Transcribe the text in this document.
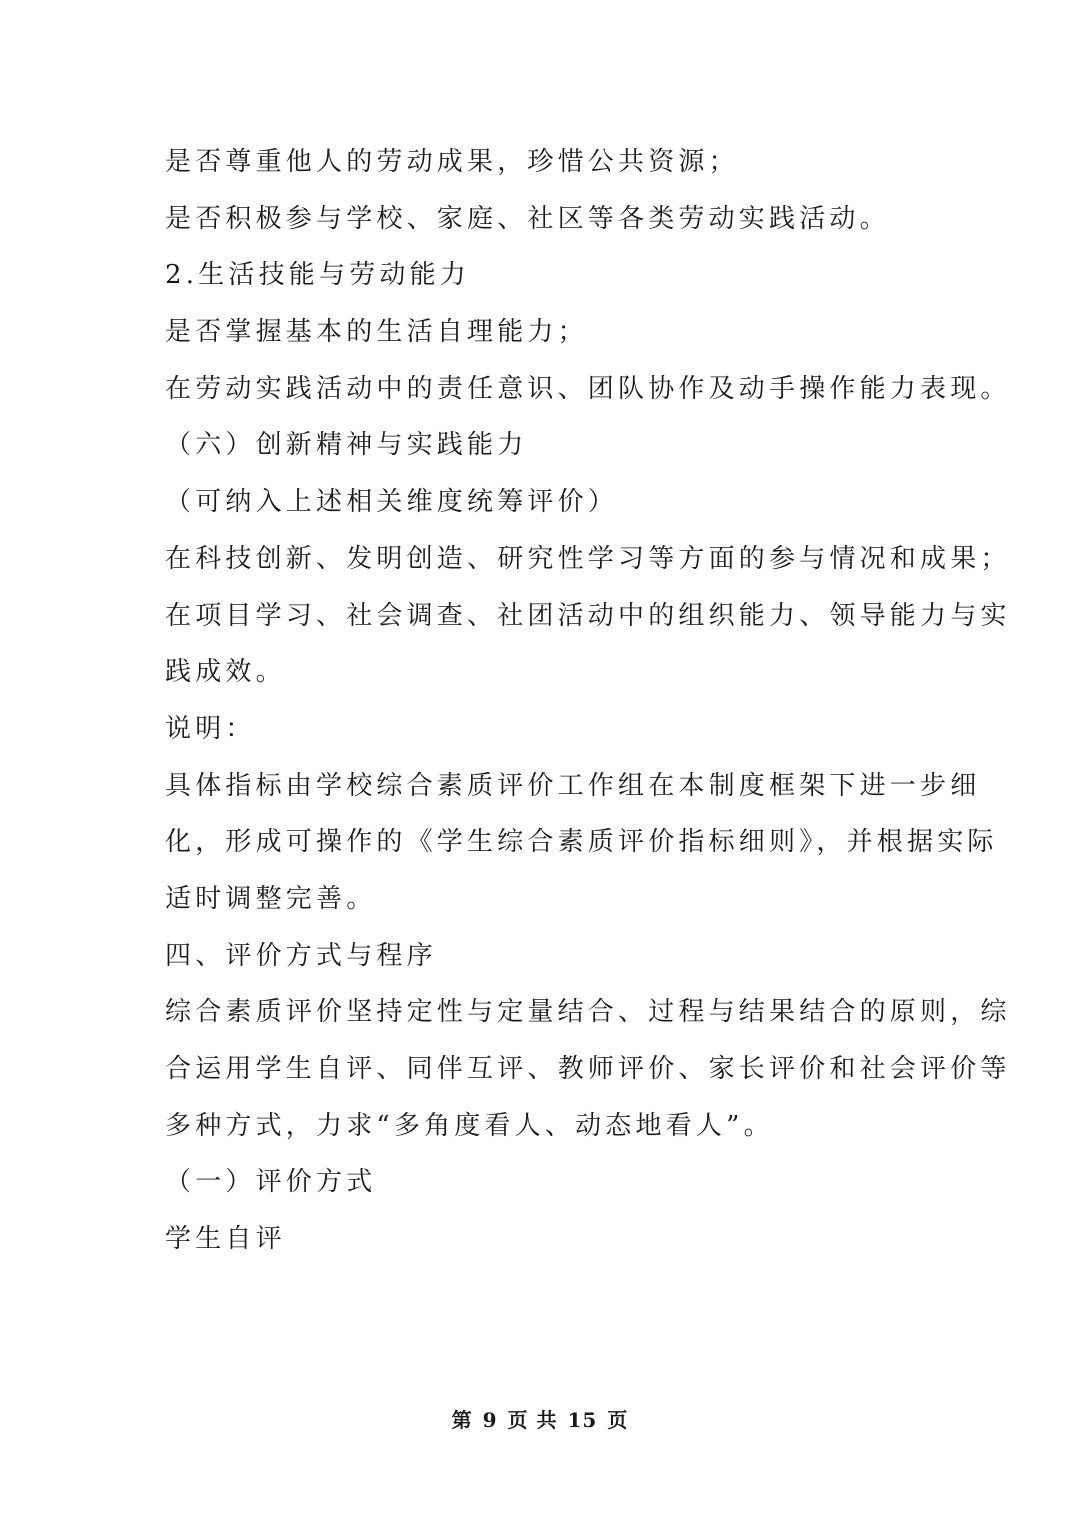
是否尊重他人的劳动成果，珍惜公共资源；
是否积极参与学校、家庭、社区等各类劳动实践活动。
2.生活技能与劳动能力
是否掌握基本的生活自理能力；
在劳动实践活动中的责任意识、团队协作及动手操作能力表现。
（六）创新精神与实践能力
（可纳入上述相关维度统筹评价）
在科技创新、发明创造、研究性学习等方面的参与情况和成果；
在项目学习、社会调查、社团活动中的组织能力、领导能力与实
践成效。
说明：
具体指标由学校综合素质评价工作组在本制度框架下进一步细
化，形成可操作的《学生综合素质评价指标细则》，并根据实际
适时调整完善。
四、评价方式与程序
综合素质评价坚持定性与定量结合、过程与结果结合的原则，综
合运用学生自评、同伴互评、教师评价、家长评价和社会评价等
多种方式，力求“多角度看人、动态地看人”。
（一）评价方式
学生自评
第 9 页 共 15 页
